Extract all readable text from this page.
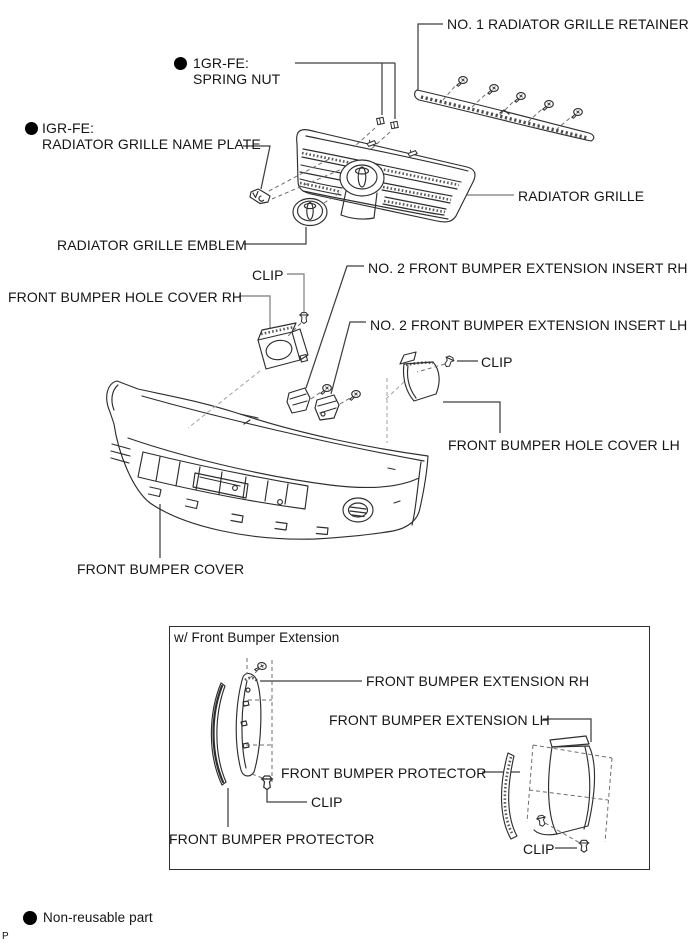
NO. 1 RADIATOR GRILLE RETAINER
1GR-FE:
SPRING NUT
IGR-FE:
RADIATOR GRILLE NAME PLATE
RADIATOR GRILLE
RADIATOR GRILLE EMBLEM
CLIP
FRONT BUMPER HOLE COVER RH
NO. 2 FRONT BUMPER EXTENSION INSERT RH
NO. 2 FRONT BUMPER EXTENSION INSERT LH
CLIP
FRONT BUMPER HOLE COVER LH
FRONT BUMPER COVER
w/ Front Bumper Extension
FRONT BUMPER EXTENSION RH
FRONT BUMPER EXTENSION LH
FRONT BUMPER PROTECTOR
CLIP
FRONT BUMPER PROTECTOR
CLIP
Non-reusable part
P
